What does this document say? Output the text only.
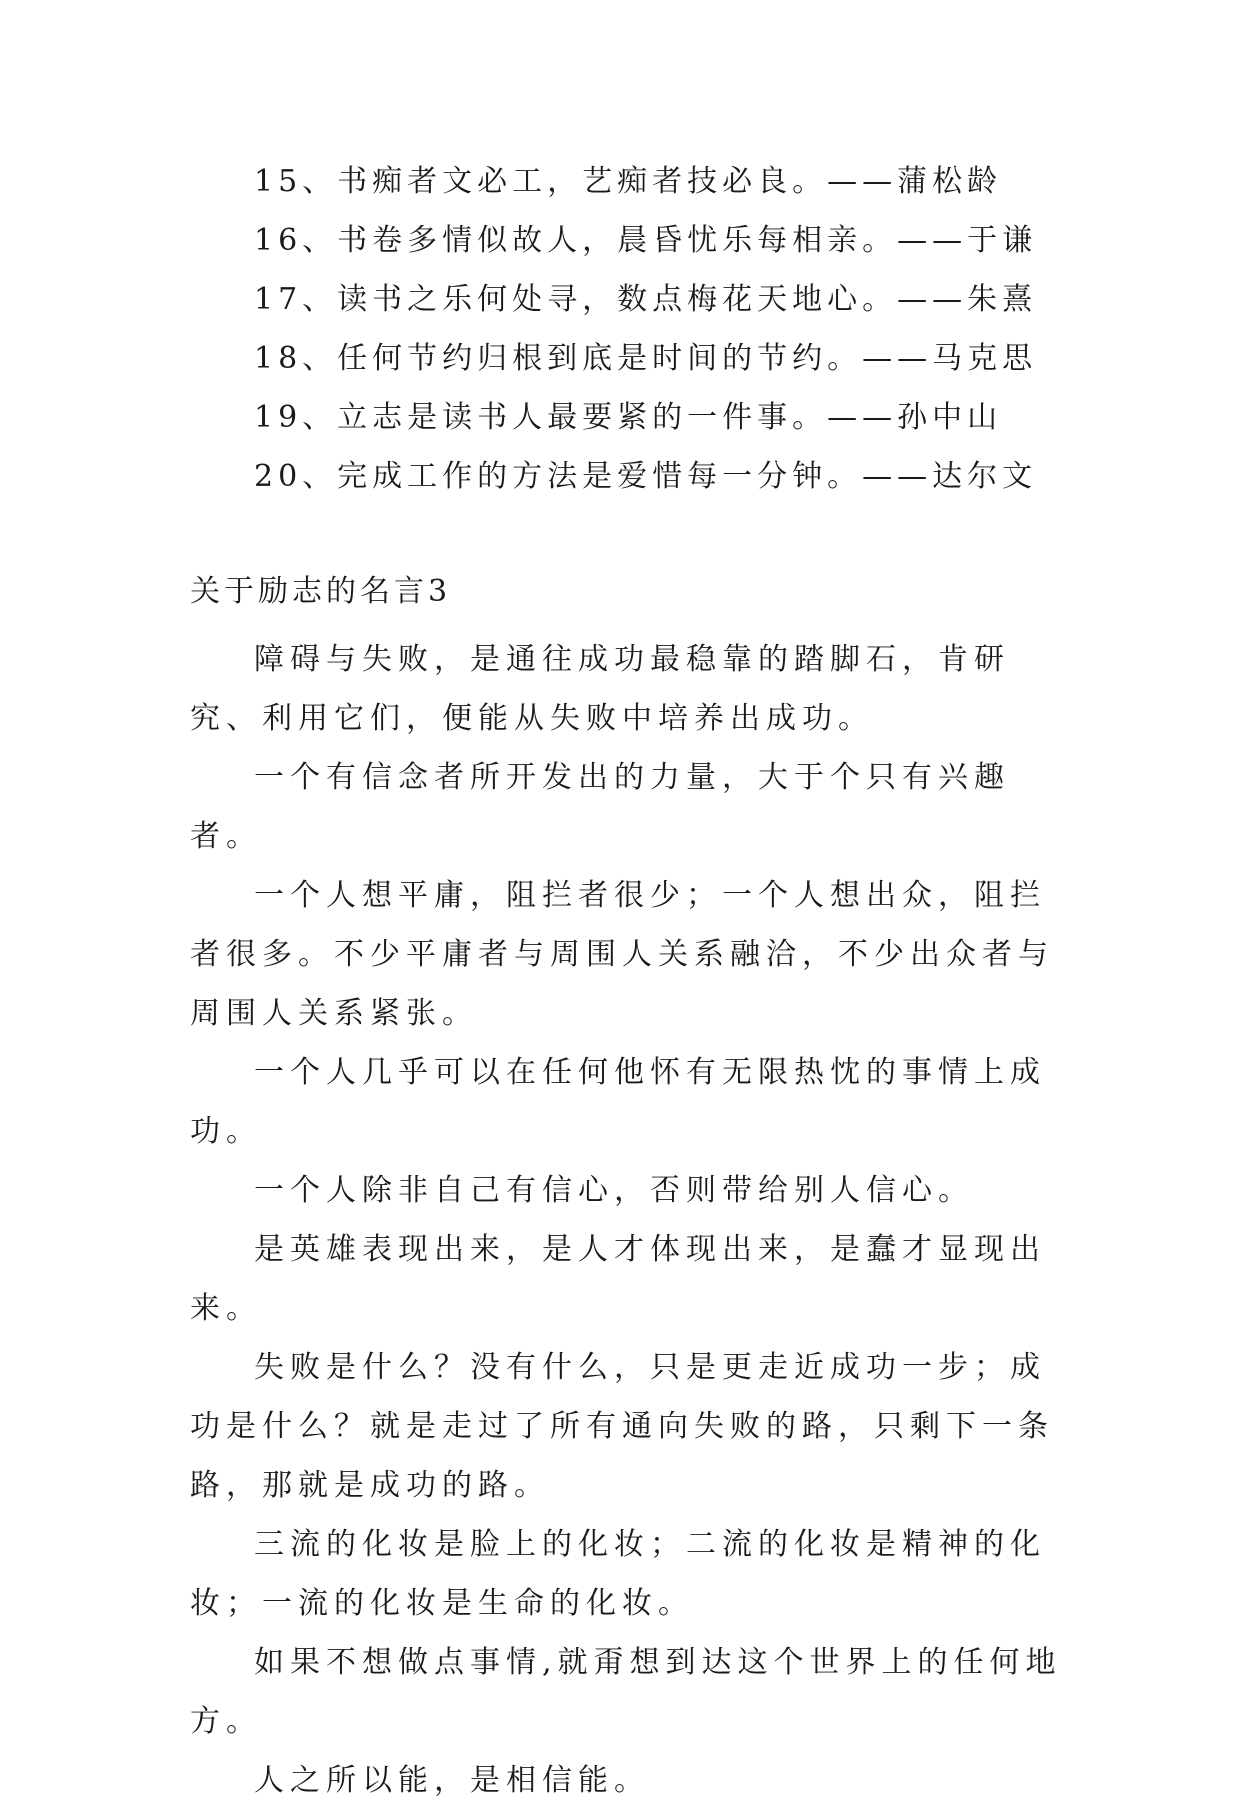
15、书痴者文必工，艺痴者技必良。——蒲松龄
16、书卷多情似故人，晨昏忧乐每相亲。——于谦
17、读书之乐何处寻，数点梅花天地心。——朱熹
18、任何节约归根到底是时间的节约。——马克思
19、立志是读书人最要紧的一件事。——孙中山
20、完成工作的方法是爱惜每一分钟。——达尔文
关于励志的名言3

障碍与失败，是通往成功最稳靠的踏脚石，肯研究、利用它们，便能从失败中培养出成功。

一个有信念者所开发出的力量，大于个只有兴趣者。

一个人想平庸，阻拦者很少；一个人想出众，阻拦者很多。不少平庸者与周围人关系融洽，不少出众者与周围人关系紧张。

一个人几乎可以在任何他怀有无限热忱的事情上成功。

一个人除非自己有信心，否则带给别人信心。

是英雄表现出来，是人才体现出来，是蠢才显现出来。

失败是什么？没有什么，只是更走近成功一步；成功是什么？就是走过了所有通向失败的路，只剩下一条路，那就是成功的路。

三流的化妆是脸上的化妆；二流的化妆是精神的化妆；一流的化妆是生命的化妆。

如果不想做点事情,就甭想到达这个世界上的任何地方。

人之所以能，是相信能。
